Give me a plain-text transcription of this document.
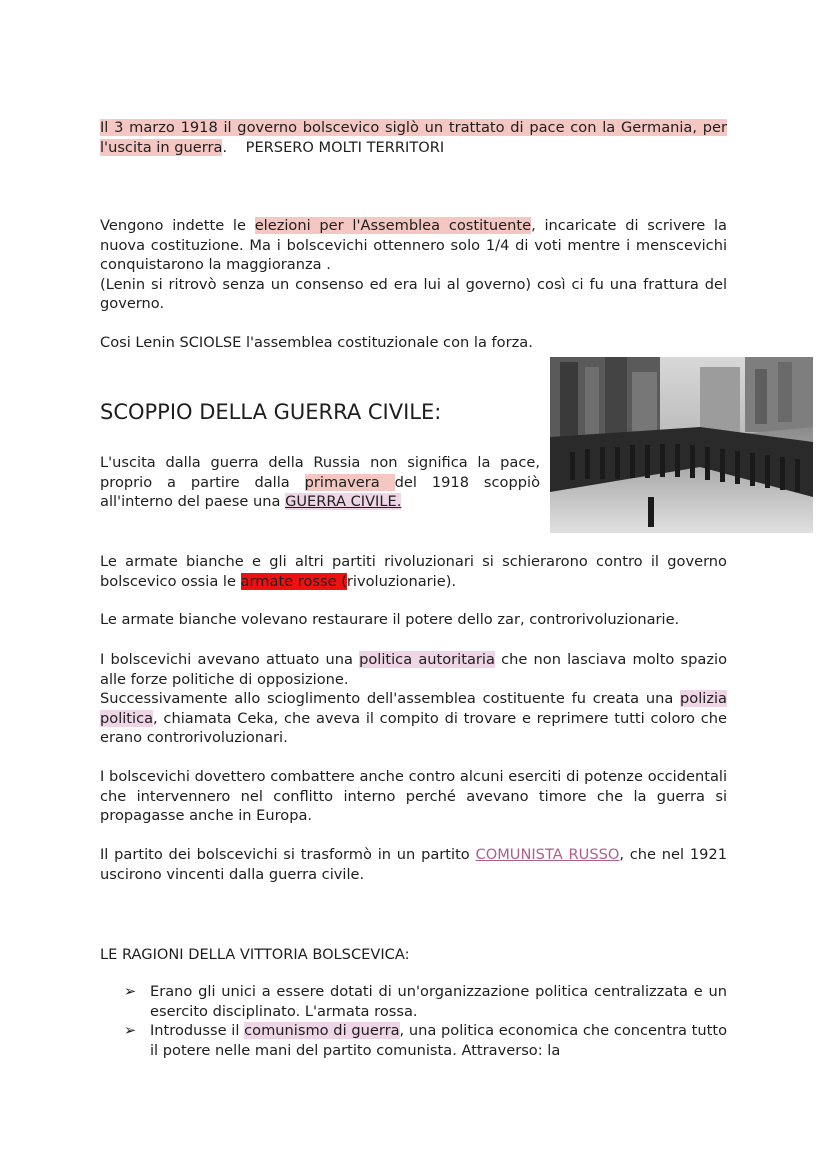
Il 3 marzo 1918 il governo bolscevico siglò un trattato di pace con la Germania, per l'uscita in guerra. PERSERO MOLTI TERRITORI

Vengono indette le elezioni per l'Assemblea costituente, incaricate di scrivere la nuova costituzione. Ma i bolscevichi ottennero solo 1/4 di voti mentre i menscevichi conquistarono la maggioranza .
(Lenin si ritrovò senza un consenso ed era lui al governo) così ci fu una frattura del governo.

Cosi Lenin SCIOLSE l'assemblea costituzionale con la forza.

SCOPPIO DELLA GUERRA CIVILE:

L'uscita dalla guerra della Russia non significa la pace, proprio a partire dalla primavera del 1918 scoppiò all'interno del paese una GUERRA CIVILE.

Le armate bianche e gli altri partiti rivoluzionari si schierarono contro il governo bolscevico ossia le armate rosse (rivoluzionarie).

Le armate bianche volevano restaurare il potere dello zar, controrivoluzionarie.

I bolscevichi avevano attuato una politica autoritaria che non lasciava molto spazio alle forze politiche di opposizione.
Successivamente allo scioglimento dell'assemblea costituente fu creata una polizia politica, chiamata Ceka, che aveva il compito di trovare e reprimere tutti coloro che erano controrivoluzionari.

I bolscevichi dovettero combattere anche contro alcuni eserciti di potenze occidentali che intervennero nel conflitto interno perché avevano timore che la guerra si propagasse anche in Europa.

Il partito dei bolscevichi si trasformò in un partito COMUNISTA RUSSO, che nel 1921 uscirono vincenti dalla guerra civile.

LE RAGIONI DELLA VITTORIA BOLSCEVICA:

➢ Erano gli unici a essere dotati di un'organizzazione politica centralizzata e un esercito disciplinato. L'armata rossa.
➢ Introdusse il comunismo di guerra, una politica economica che concentra tutto il potere nelle mani del partito comunista. Attraverso: la
